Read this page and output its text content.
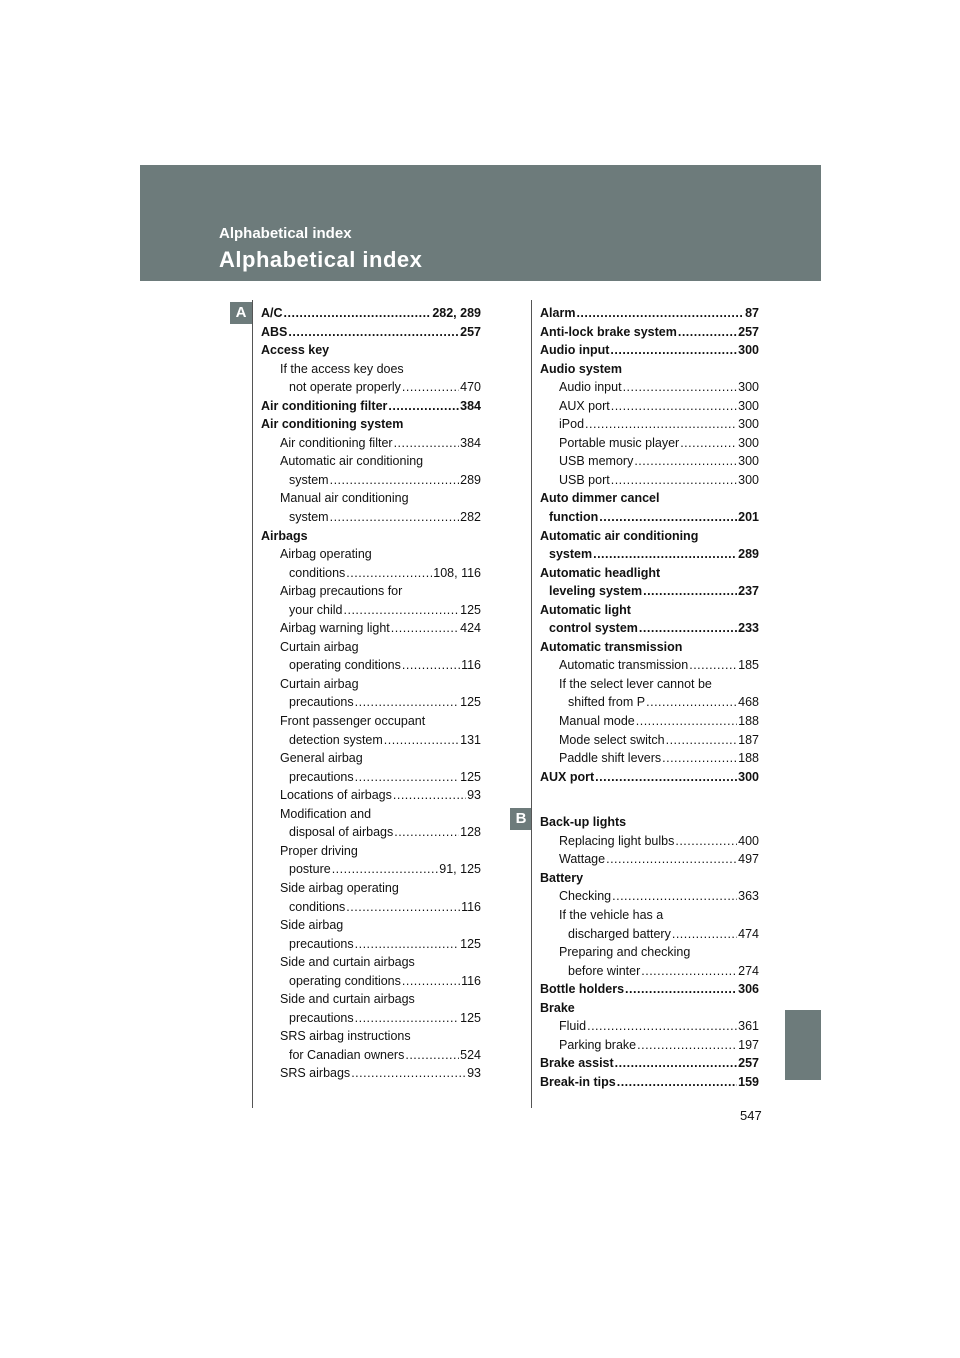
Alphabetical index
Alphabetical index
A
B
A/C .....	282, 289
ABS .....	257
Access key
If the access key does
not operate properly .....	470
Air conditioning filter .....	384
Air conditioning system
Air conditioning filter .....	384
Automatic air conditioning
system .....	289
Manual air conditioning
system .....	282
Airbags
Airbag operating
conditions .....	108, 116
Airbag precautions for
your child .....	125
Airbag warning light .....	424
Curtain airbag
operating conditions .....	116
Curtain airbag
precautions .....	125
Front passenger occupant
detection system .....	131
General airbag
precautions .....	125
Locations of airbags .....	93
Modification and
disposal of airbags .....	128
Proper driving
posture .....	91, 125
Side airbag operating
conditions .....	116
Side airbag
precautions .....	125
Side and curtain airbags
operating conditions .....	116
Side and curtain airbags
precautions .....	125
SRS airbag instructions
for Canadian owners .....	524
SRS airbags .....	93
Alarm .....	87
Anti-lock brake system .....	257
Audio input .....	300
Audio system
Audio input .....	300
AUX port .....	300
iPod .....	300
Portable music player .....	300
USB memory .....	300
USB port .....	300
Auto dimmer cancel
function .....	201
Automatic air conditioning
system .....	289
Automatic headlight
leveling system .....	237
Automatic light
control system .....	233
Automatic transmission
Automatic transmission .....	185
If the select lever cannot be
shifted from P .....	468
Manual mode .....	188
Mode select switch .....	187
Paddle shift levers .....	188
AUX port .....	300
Back-up lights
Replacing light bulbs .....	400
Wattage .....	497
Battery
Checking .....	363
If the vehicle has a
discharged battery .....	474
Preparing and checking
before winter .....	274
Bottle holders .....	306
Brake
Fluid .....	361
Parking brake .....	197
Brake assist .....	257
Break-in tips .....	159
547
